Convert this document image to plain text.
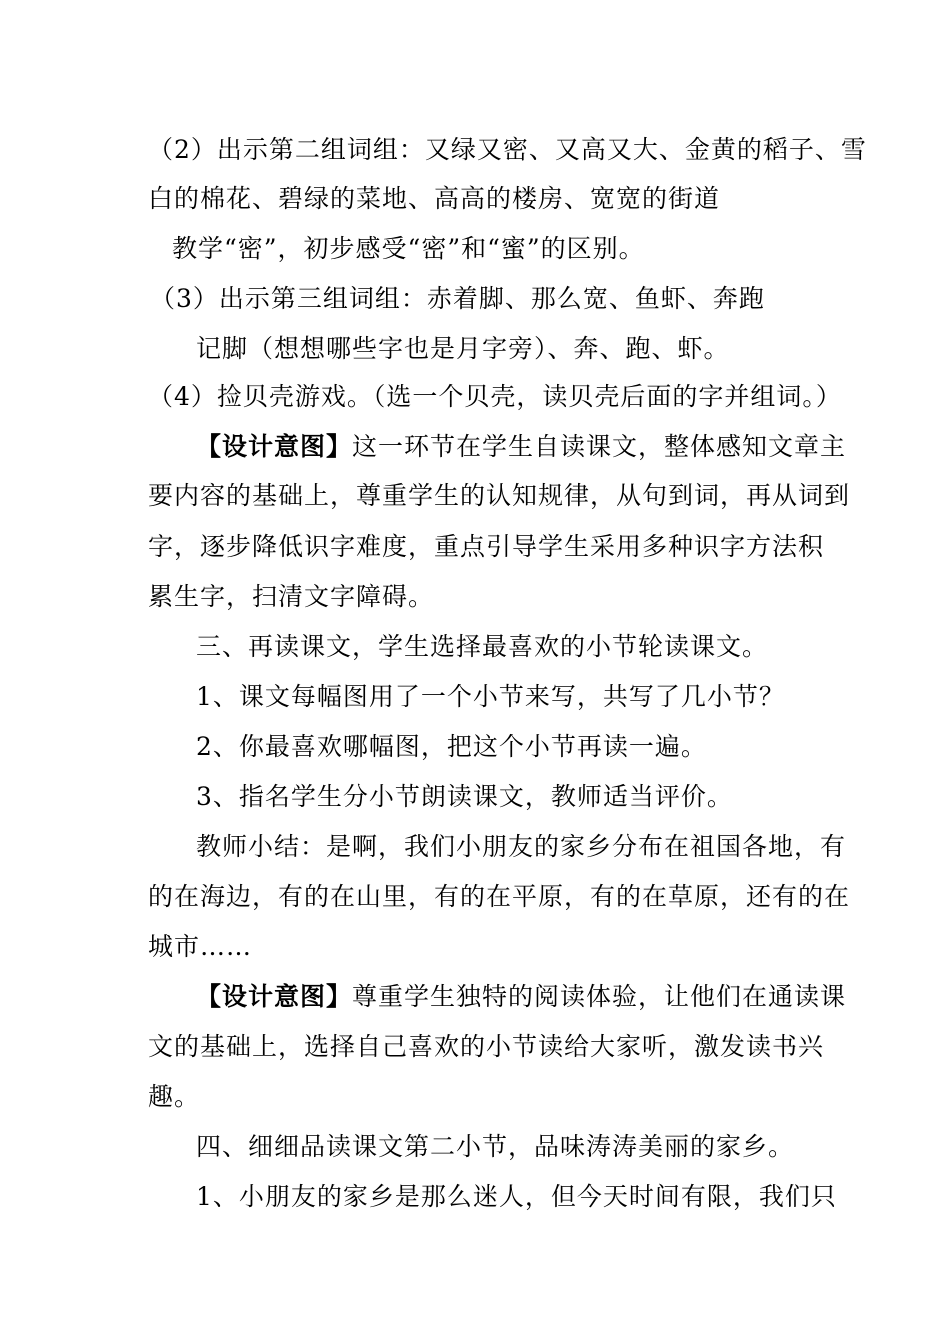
（2）出示第二组词组：又绿又密、又高又大、金黄的稻子、雪

白的棉花、碧绿的菜地、高高的楼房、宽宽的街道

教学“密”，初步感受“密”和“蜜”的区别。

（3）出示第三组词组：赤着脚、那么宽、鱼虾、奔跑

记脚（想想哪些字也是月字旁）、奔、跑、虾。

（4）捡贝壳游戏。（选一个贝壳，读贝壳后面的字并组词。）

【设计意图】这一环节在学生自读课文，整体感知文章主

要内容的基础上，尊重学生的认知规律，从句到词，再从词到

字，逐步降低识字难度，重点引导学生采用多种识字方法积

累生字，扫清文字障碍。

三、再读课文，学生选择最喜欢的小节轮读课文。

1、课文每幅图用了一个小节来写，共写了几小节？

2、你最喜欢哪幅图，把这个小节再读一遍。

3、指名学生分小节朗读课文，教师适当评价。

教师小结：是啊，我们小朋友的家乡分布在祖国各地，有

的在海边，有的在山里，有的在平原，有的在草原，还有的在

城市……

【设计意图】尊重学生独特的阅读体验，让他们在通读课

文的基础上，选择自己喜欢的小节读给大家听，激发读书兴

趣。

四、细细品读课文第二小节，品味涛涛美丽的家乡。

1、小朋友的家乡是那么迷人，但今天时间有限，我们只
